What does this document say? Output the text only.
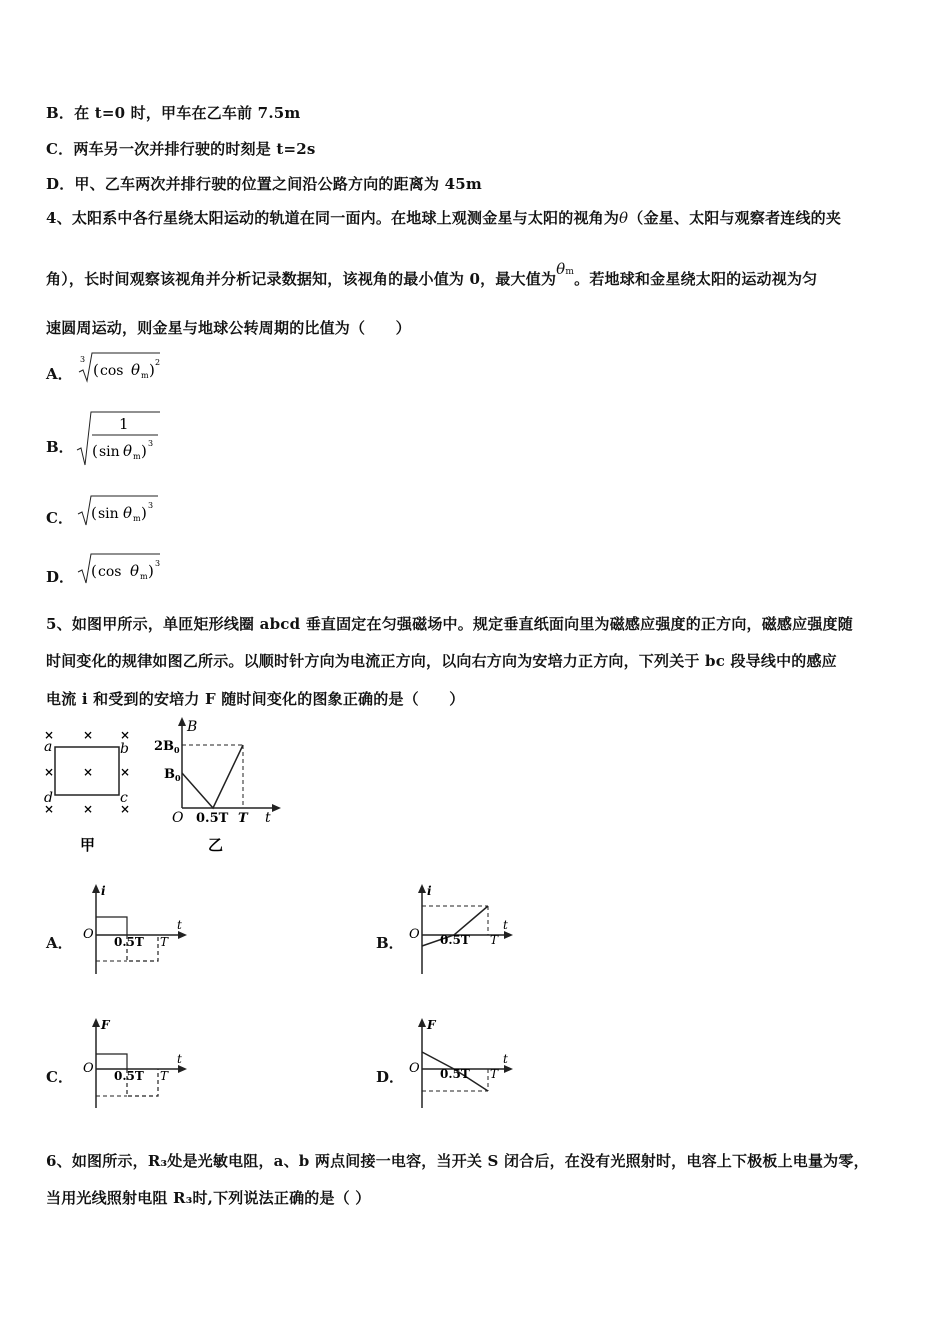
B．在 t=0 时，甲车在乙车前 7.5m
C．两车另一次并排行驶的时刻是 t=2s
D．甲、乙车两次并排行驶的位置之间沿公路方向的距离为 45m
4、太阳系中各行星绕太阳运动的轨道在同一面内。在地球上观测金星与太阳的视角为θ（金星、太阳与观察者连线的夹
角），长时间观察该视角并分析记录数据知，该视角的最小值为 0，最大值为θm。若地球和金星绕太阳的运动视为匀
速圆周运动，则金星与地球公转周期的比值为（　　）
A．
3
( cos θ m ) 2
B．
1
( sin θ m ) 3
C． ( sin θ m ) 3
D． ( cos θ m ) 3
5、如图甲所示，单匝矩形线圈 abcd 垂直固定在匀强磁场中。规定垂直纸面向里为磁感应强度的正方向，磁感应强度随
时间变化的规律如图乙所示。以顺时针方向为电流正方向，以向右方向为安培力正方向，下列关于 bc 段导线中的感应
电流 i 和受到的安培力 F 随时间变化的图象正确的是（　　）
× × ×
× × ×
× × ×
a	b
c
d
甲
B
$2B_0$
$B_0$
O 0.5T T t
乙
A．
i
O
t
0.5T T	B．
i
O
t
0.5T T
C．
F
O
t
0.5T T	D．
F
O
t
0.5T T
6、如图所示，R₃处是光敏电阻，a、b 两点间接一电容，当开关 S 闭合后，在没有光照射时，电容上下极板上电量为零，
当用光线照射电阻 R₃时,下列说法正确的是（ ）
